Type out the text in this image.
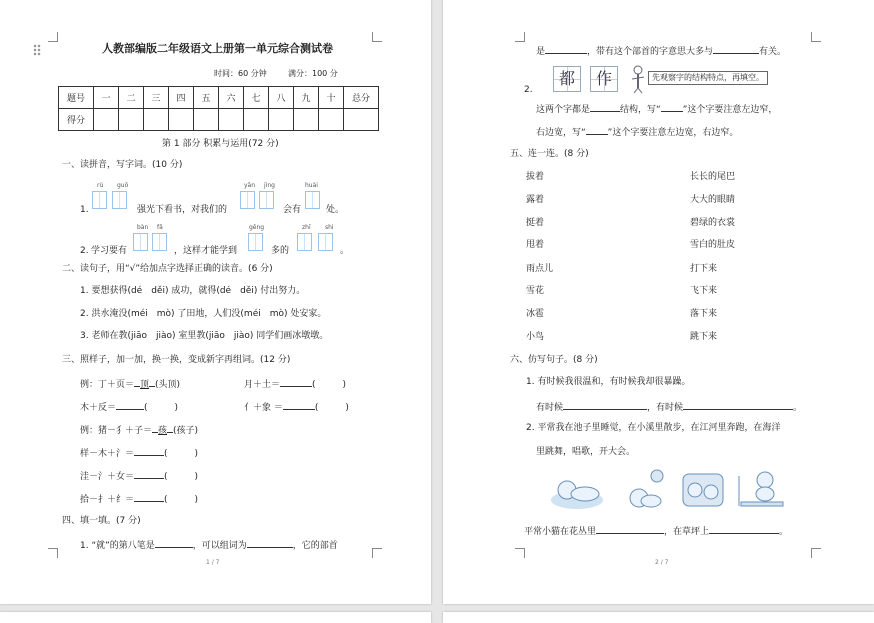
人教部编版二年级语文上册第一单元综合测试卷
时间：60 分钟	满分：100 分
题号	一	二	三	四	五	六	七	八	九	十	总分
得分											
第 1 部分 积累与运用(72 分)
一、读拼音，写字词。(10 分)
rù guō
1.	强光下看书，对我们的
yān jìng
会有
huài
处。
bàn fǎ
2. 学习要有	，这样才能学到
gēng
多的
zhī shi
。
二、读句子，用“√”给加点字选择正确的读音。(6 分)
1. 要想获得(dé　děi) 成功，就得(dé　děi) 付出努力。
2. 洪水淹没(méi　mò) 了田地，人们没(méi　mò) 处安家。
3. 老师在教(jiāo　jiào) 室里教(jiāo　jiào) 同学们画冰墩墩。
三、照样子，加一加，换一换，变成新字再组词。(12 分)
例：丁＋页＝ 顶 (头顶)	月＋土＝	(　　　)
木＋反＝	(　　　)	亻＋象 ＝	(　　　)
例：猪－犭＋子＝ 孩 (孩子)
样－木＋氵＝	(　　　)
洼－氵＋女＝	(　　　)
拾－扌＋纟＝	(　　　)
四、填一填。(7 分)
1. “就”的第八笔是	，可以组词为	，它的部首
1 / 7
是	，带有这个部首的字意思大多与	有关。
都	作	先观察字的结构特点，再填空。
2.
这两个字都是	结构，写“ ”这个字要注意左边窄，
右边宽，写“ ”这个字要注意左边宽，右边窄。
五、连一连。(8 分)
拔着
露着
挺着
甩着
雨点儿
雪花
冰雹
小鸟
长长的尾巴
大大的眼睛
碧绿的衣裳
雪白的肚皮
打下来
飞下来
落下来
跳下来
六、仿写句子。(8 分)
1. 有时候我很温和，有时候我却很暴躁。
有时候	，有时候	。
2. 平常我在池子里睡觉，在小溪里散步，在江河里奔跑，在海洋
里跳舞，唱歌，开大会。
平常小猫在花丛里	，在草坪上	。
2 / 7
